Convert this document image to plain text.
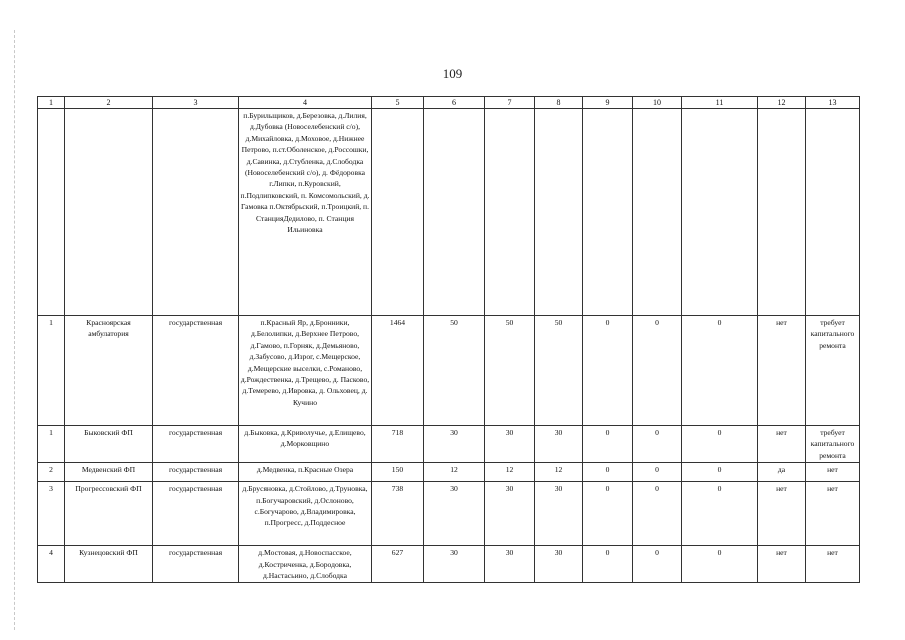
109
1	2	3	4	5	6	7	8	9	10	11	12	13
			п.Бурильщиков, д.Березовка, д.Лилия, д.Дубовка (Новоселебенский с/о), д.Михайловка, д.Моховое, д.Нижнее Петрово, п.ст.Оболенское, д.Россошки, д.Савинка, д.Стубленка, д.Слободка (Новоселебенский с/о), д. Фёдоровка г.Липки, п.Куровский, п.Подлипковский, п. Комсомольский, д. Гамовка п.Октябрьский, п.Троицкий, п. СтанцияДедилово, п. Станция Ильиновка									
1	Красноярская амбулатория	государственная	п.Красный Яр, д.Бронники, д.Белолипки, д.Верхнее Петрово, д.Гамово, п.Горняк, д.Демьяново, д.Забусово, д.Изрог, с.Мещерское, д.Мещерские выселки, с.Романово, д.Рождественка, д.Трещево, д. Пасково, д.Темерево, д.Ивровка, д. Ольховец, д. Кучино	1464	50	50	50	0	0	0	нет	требует капитального ремонта
1	Быковский ФП	государственная	д.Быковка, д.Криволучье, д.Елищево, д.Морковщино	718	30	30	30	0	0	0	нет	требует капитального ремонта
2	Медвенский ФП	государственная	д.Медвенка, п.Красные Озера	150	12	12	12	0	0	0	да	нет
3	Прогрессовский ФП	государственная	д.Брусяновка, д.Стойлово, д.Труновка, п.Богучаровский, д.Ослоново, с.Богучарово, д.Владимировка, п.Прогресс, д.Поддесное	738	30	30	30	0	0	0	нет	нет
4	Кузнецовский ФП	государственная	д.Мостовая, д.Новоспасское, д.Костриченка, д.Бородовка, д.Настасьино, д.Слободка	627	30	30	30	0	0	0	нет	нет
